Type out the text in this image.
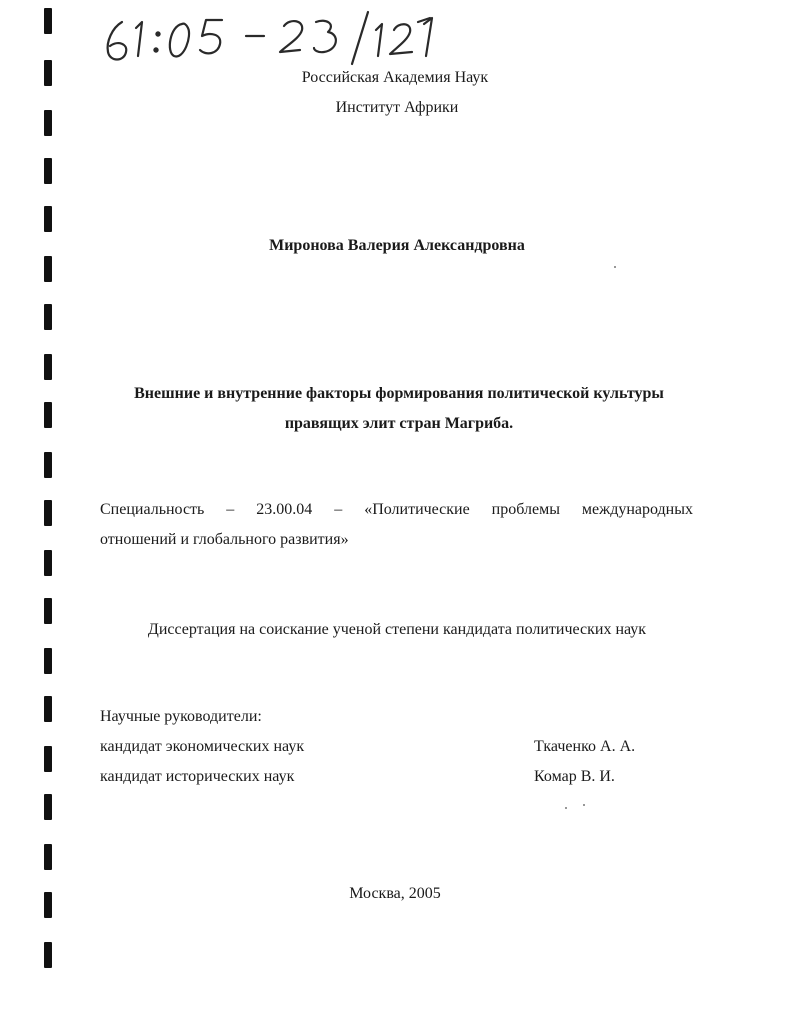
Российская Академия Наук
Институт Африки
Миронова Валерия Александровна
Внешние и внутренние факторы формирования политической культуры
правящих элит стран Магриба.
Специальность – 23.00.04 – «Политические проблемы международных
отношений и глобального развития»
Диссертация на соискание ученой степени кандидата политических наук
Научные руководители:
кандидат экономических наук	Ткаченко А. А.
кандидат исторических наук	Комар В. И.
Москва, 2005
